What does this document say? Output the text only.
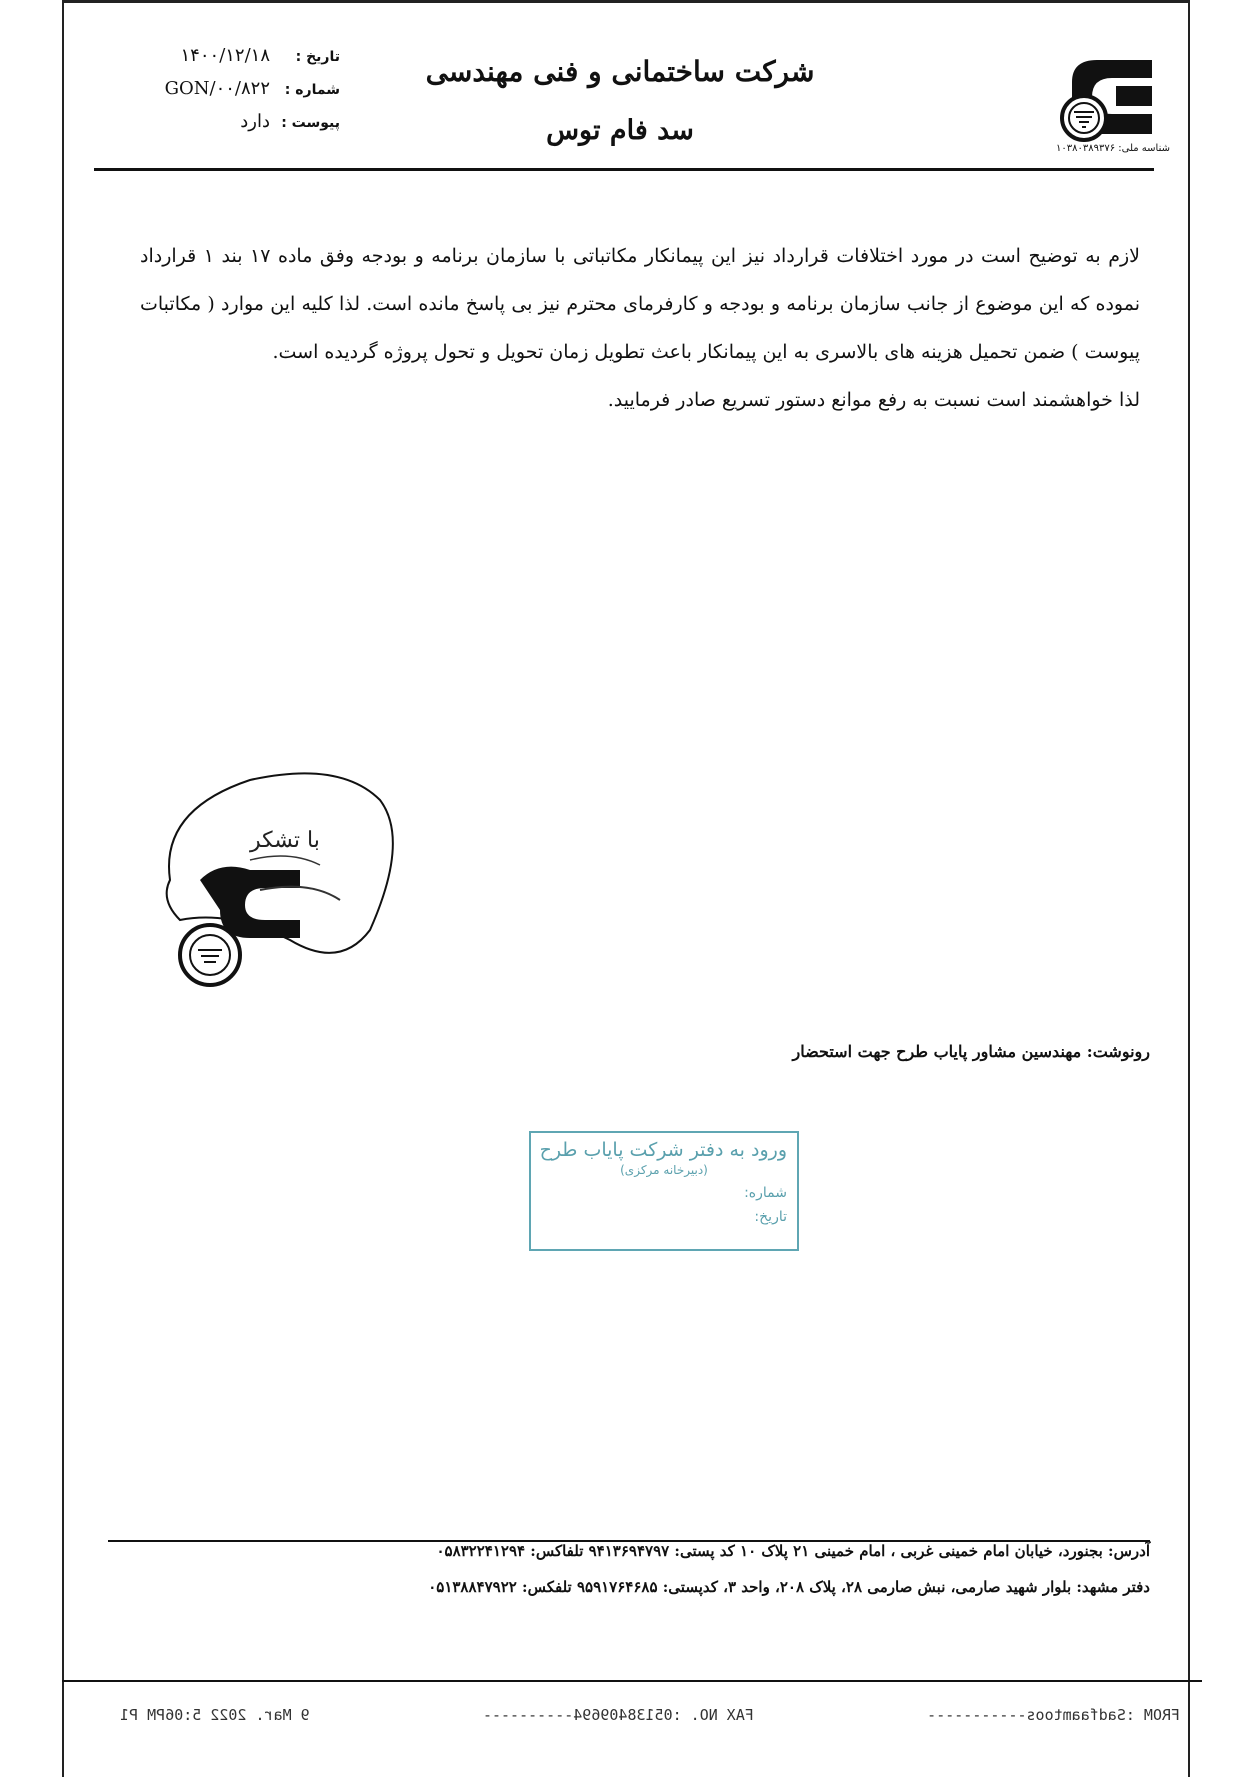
شرکت ساختمانی و فنی مهندسی
سد فام توس
تاریخ :
۱۴۰۰/۱۲/۱۸
شماره :
GON/۰۰/۸۲۲
پیوست :
دارد
شناسه ملی: ۱۰۳۸۰۳۸۹۳۷۶

لازم به توضیح است در مورد اختلافات قرارداد نیز این پیمانکار مکاتباتی با سازمان برنامه و بودجه وفق ماده ۱۷ بند ۱ قرارداد نموده که این موضوع از جانب سازمان برنامه و بودجه و کارفرمای محترم نیز بی پاسخ مانده است. لذا کلیه این موارد ( مکاتبات پیوست ) ضمن تحمیل هزینه های بالاسری به این پیمانکار باعث تطویل زمان تحویل و تحول پروژه گردیده است.

لذا خواهشمند است نسبت به رفع موانع دستور تسریع صادر فرمایید.

با تشکر
رونوشت: مهندسین مشاور پایاب طرح جهت استحضار
ورود به دفتر شرکت پایاب طرح
(دبیرخانه مرکزی)
شماره:
تاریخ:
آدرس: بجنورد، خیابان امام خمینی غربی ، امام خمینی ۲۱ پلاک ۱۰ کد پستی: ۹۴۱۳۶۹۴۷۹۷ تلفاکس: ۰۵۸۳۲۲۴۱۲۹۴
دفتر مشهد: بلوار شهید صارمی، نبش صارمی ۲۸، پلاک ۲۰۸، واحد ۳، کدپستی: ۹۵۹۱۷۶۴۶۸۵ تلفکس: ۰۵۱۳۸۸۴۷۹۲۲
FROM :Sadfaamtoos-----------
FAX NO. :05138409694----------
9 Mar. 2022 5:06PM P1
